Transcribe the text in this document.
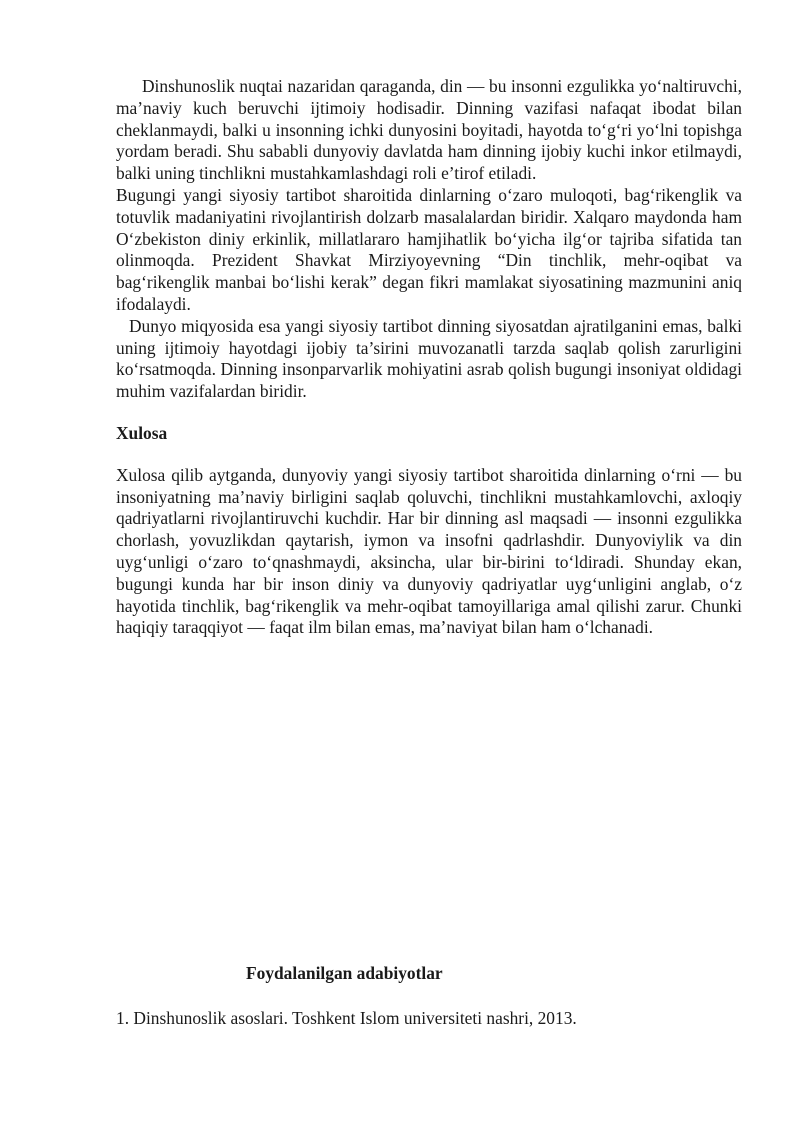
Dinshunoslik nuqtai nazaridan qaraganda, din — bu insonni ezgulikka yo‘naltiruvchi, ma’naviy kuch beruvchi ijtimoiy hodisadir. Dinning vazifasi nafaqat ibodat bilan cheklanmaydi, balki u insonning ichki dunyosini boyitadi, hayotda to‘g‘ri yo‘lni topishga yordam beradi. Shu sababli dunyoviy davlatda ham dinning ijobiy kuchi inkor etilmaydi, balki uning tinchlikni mustahkamlashdagi roli e’tirof etiladi.

Bugungi yangi siyosiy tartibot sharoitida dinlarning o‘zaro muloqoti, bag‘rikenglik va totuvlik madaniyatini rivojlantirish dolzarb masalalardan biridir. Xalqaro maydonda ham O‘zbekiston diniy erkinlik, millatlararo hamjihatlik bo‘yicha ilg‘or tajriba sifatida tan olinmoqda. Prezident Shavkat Mirziyoyevning “Din tinchlik, mehr-oqibat va bag‘rikenglik manbai bo‘lishi kerak” degan fikri mamlakat siyosatining mazmunini aniq ifodalaydi.

Dunyo miqyosida esa yangi siyosiy tartibot dinning siyosatdan ajratilganini emas, balki uning ijtimoiy hayotdagi ijobiy ta’sirini muvozanatli tarzda saqlab qolish zarurligini ko‘rsatmoqda. Dinning insonparvarlik mohiyatini asrab qolish bugungi insoniyat oldidagi muhim vazifalardan biridir.

Xulosa

Xulosa qilib aytganda, dunyoviy yangi siyosiy tartibot sharoitida dinlarning o‘rni — bu insoniyatning ma’naviy birligini saqlab qoluvchi, tinchlikni mustahkamlovchi, axloqiy qadriyatlarni rivojlantiruvchi kuchdir. Har bir dinning asl maqsadi — insonni ezgulikka chorlash, yovuzlikdan qaytarish, iymon va insofni qadrlashdir. Dunyoviylik va din uyg‘unligi o‘zaro to‘qnashmaydi, aksincha, ular bir-birini to‘ldiradi. Shunday ekan, bugungi kunda har bir inson diniy va dunyoviy qadriyatlar uyg‘unligini anglab, o‘z hayotida tinchlik, bag‘rikenglik va mehr-oqibat tamoyillariga amal qilishi zarur. Chunki haqiqiy taraqqiyot — faqat ilm bilan emas, ma’naviyat bilan ham o‘lchanadi.

Foydalanilgan adabiyotlar

1. Dinshunoslik asoslari. Toshkent Islom universiteti nashri, 2013.
